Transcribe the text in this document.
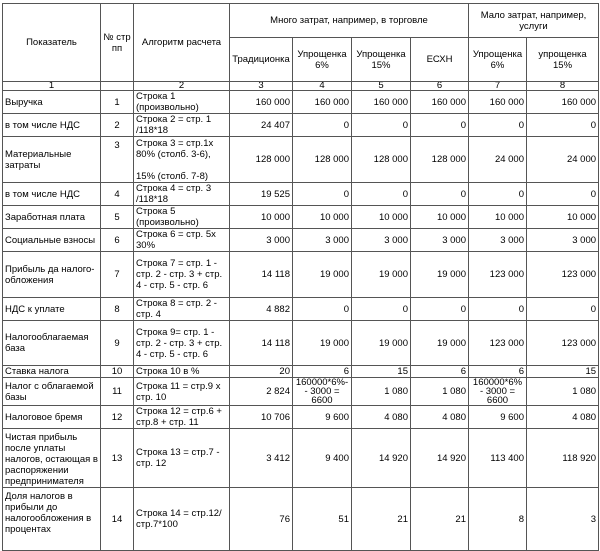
Показатель	№ стр пп	Алгоритм расчета	Много затрат, например, в торговле				Мало затрат, например, услуги	
			Традиционка	Упрощенка 6%	Упрощенка 15%	ЕСХН	Упрощенка 6%	упрощенка 15%
1		2	3	4	5	6	7	8
Выручка	1	Строка 1 (произвольно)	160 000	160 000	160 000	160 000	160 000	160 000
в том числе НДС	2	Строка 2 = стр. 1 /118*18	24 407	0	0	0	0	0
Материальные затраты	3	Строка 3 = стр.1х 80% (столб. 3-6),

15% (столб. 7-8)	128 000	128 000	128 000	128 000	24 000	24 000
в том числе НДС	4	Строка 4 = стр. 3 /118*18	19 525	0	0	0	0	0
Заработная плата	5	Строка 5 (произвольно)	10 000	10 000	10 000	10 000	10 000	10 000
Социальные взносы	6	Строка 6 = стр. 5х 30%	3 000	3 000	3 000	3 000	3 000	3 000
Прибыль да налого-обложения	7	Строка 7 = стр. 1 - стр. 2 - стр. 3 + стр. 4 - стр. 5 - стр. 6	14 118	19 000	19 000	19 000	123 000	123 000
НДС к уплате	8	Строка 8 = стр. 2 - стр. 4	4 882	0	0	0	0	0
Налогооблагаемая база	9	Строка 9= стр. 1 - стр. 2 - стр. 3 + стр. 4 - стр. 5 - стр. 6	14 118	19 000	19 000	19 000	123 000	123 000
Ставка налога	10	Строка 10 в %	20	6	15	6	6	15
Налог с облагаемой базы	11	Строка 11 = стр.9 х стр. 10	2 824	160000*6%- - 3000 = 6600	1 080	1 080	160000*6% - 3000 = 6600	1 080
Налоговое бремя	12	Строка 12 = стр.6 + стр.8 + стр. 11	10 706	9 600	4 080	4 080	9 600	4 080
Чистая прибыль после уплаты налогов, остающая в распоряжении предпринимателя	13	Строка 13 = стр.7 - стр. 12	3 412	9 400	14 920	14 920	113 400	118 920
Доля налогов в прибыли до налогообложения в процентах	14	Строка 14 = стр.12/стр.7*100	76	51	21	21	8	3
